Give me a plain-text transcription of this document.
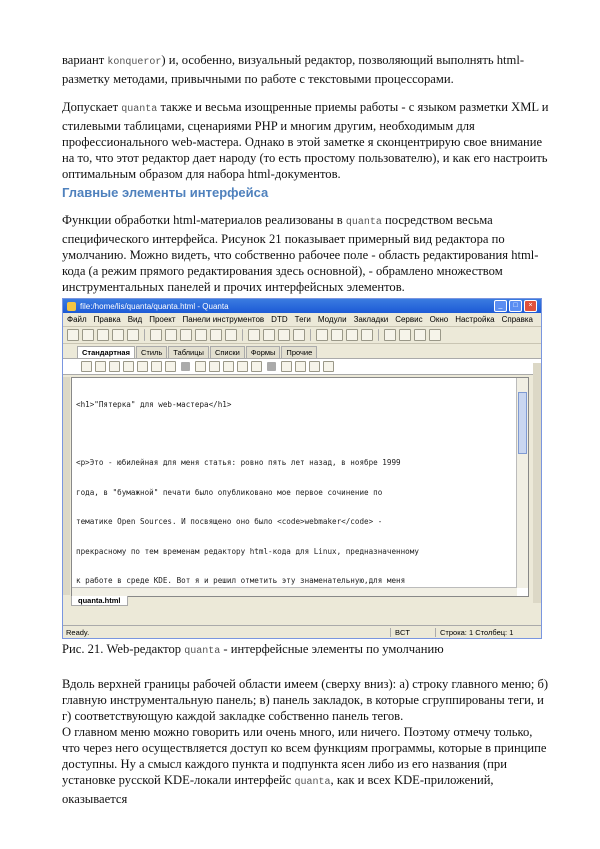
вариант konqueror) и, особенно, визуальный редактор, позволяющий выполнять html-разметку методами, привычными по работе с текстовыми процессорами.

Допускает quanta также и весьма изощренные приемы работы - с языком разметки XML и стилевыми таблицами, сценариями PHP и многим другим, необходимым для профессионального web-мастера. Однако в этой заметке я сконцентрирую свое внимание на то, что этот редактор дает народу (то есть простому пользователю), и как его настроить оптимальным образом для набора html-документов.

Главные элементы интерфейса

Функции обработки html-материалов реализованы в quanta посредством весьма специфического интерфейса. Рисунок 21 показывает примерный вид редактора по умолчанию. Можно видеть, что собственно рабочее поле - область редактирования html-кода (а режим прямого редактирования здесь основной), - обрамлено множеством инструментальных панелей и прочих интерфейсных элементов.

file:/home/lis/quanta/quanta.html - Quanta	_	□	×
Файл Правка Вид Проект Панели инструментов DTD Теги Модули Закладки Сервис Окно Настройка Справка
Стандартная	Стиль	Таблицы	Списки	Формы	Прочие

<h1>"Пятерка" для web-мастера</h1>

<p>Это - юбилейная для меня статья: ровно пять лет назад, в ноябре 1999

года, в "бумажной" печати было опубликовано мое первое сочинение по

тематике Open Sources. И посвящено оно было <code>webmaker</code> -

прекрасному по тем временам редактору html-кода для Linux, предназначенному

к работе в среде KDE. Вот я и решил отметить эту знаменательную,для меня

quanta.html
Ready.	BCT	Строка: 1 Столбец: 1

Рис. 21. Web-редактор quanta - интерфейсные элементы по умолчанию

Вдоль верхней границы рабочей области имеем (сверху вниз): а) строку главного меню; б) главную инструментальную панель; в) панель закладок, в которые сгруппированы теги, и г) соответствующую каждой закладке собственно панель тегов.

О главном меню можно говорить или очень много, или ничего. Поэтому отмечу только, что через него осуществляется доступ ко всем функциям программы, которые в принципе доступны. Ну а смысл каждого пункта и подпункта ясен либо из его названия (при установке русской KDE-локали интерфейс quanta, как и всех KDE-приложений, оказывается
